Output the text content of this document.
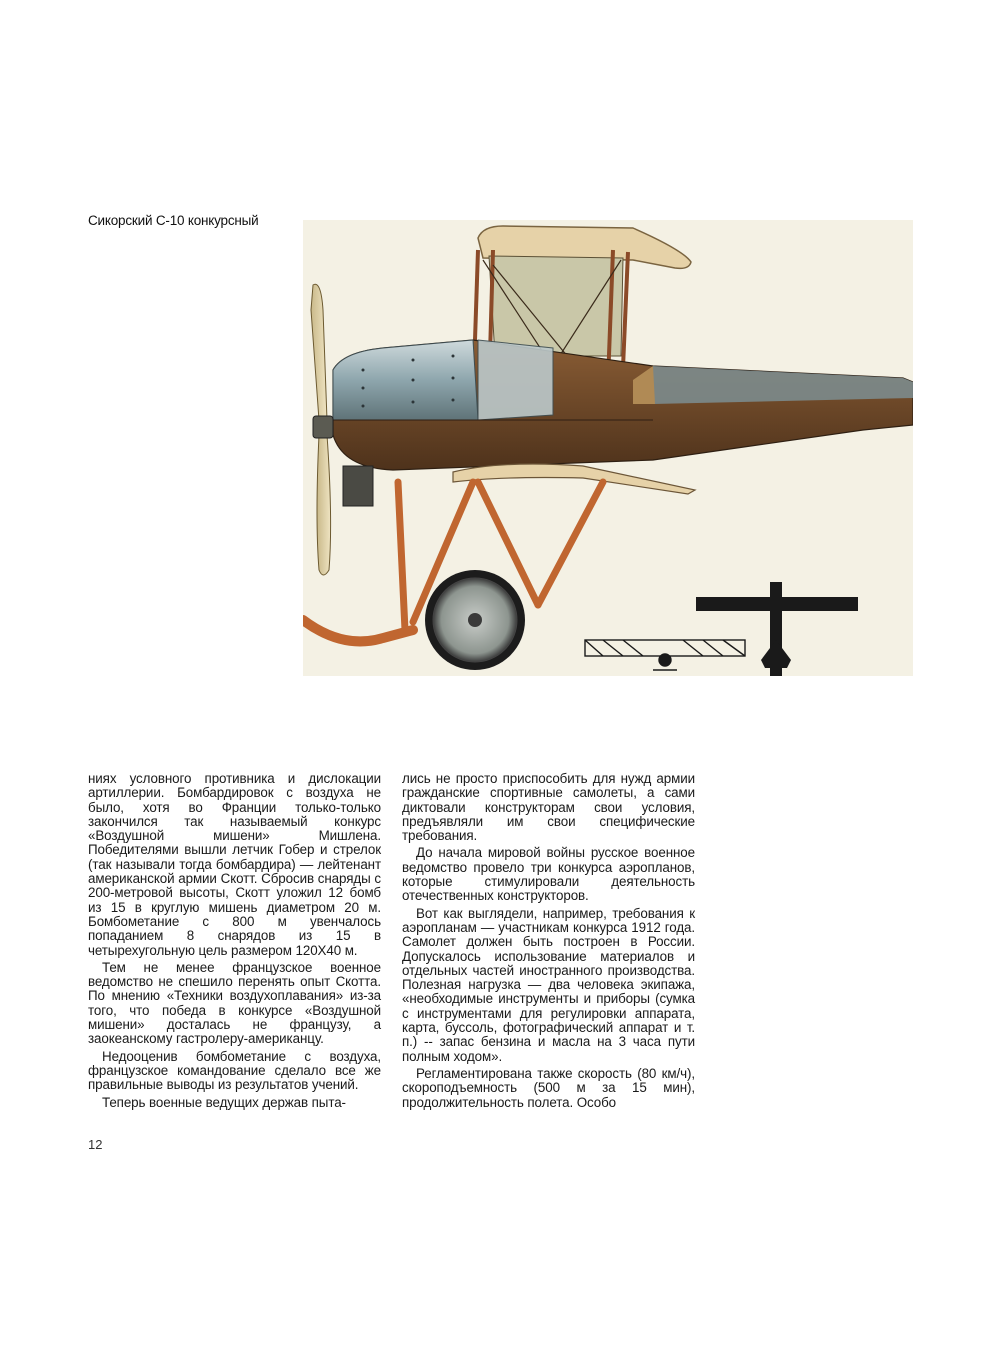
Сикорский С-10 конкурсный

ниях условного противника и дислокации артиллерии. Бомбардировок с воздуха не было, хотя во Франции только-только закончился так называемый конкурс «Воздушной мишени» Мишлена. Победителями вышли летчик Гобер и стрелок (так называли тогда бомбардира) — лейтенант американской армии Скотт. Сбросив снаряды с 200-метровой высоты, Скотт уложил 12 бомб из 15 в круглую мишень диаметром 20 м. Бомбометание с 800 м увенчалось попаданием 8 снарядов из 15 в четырехугольную цель размером 120Х40 м.

Тем не менее французское военное ведомство не спешило перенять опыт Скотта. По мнению «Техники воздухоплавания» из-за того, что победа в конкурсе «Воздушной мишени» досталась не французу, а заокеанскому гастролеру-американцу.

Недооценив бомбометание с воздуха, французское командование сделало все же правильные выводы из результатов учений.

Теперь военные ведущих держав пыта-

лись не просто приспособить для нужд армии гражданские спортивные самолеты, а сами диктовали конструкторам свои условия, предъявляли им свои специфические требования.

До начала мировой войны русское военное ведомство провело три конкурса аэропланов, которые стимулировали деятельность отечественных конструкторов.

Вот как выглядели, например, требования к аэропланам — участникам конкурса 1912 года. Самолет должен быть построен в России. Допускалось использование материалов и отдельных частей иностранного производства. Полезная нагрузка — два человека экипажа, «необходимые инструменты и приборы (сумка с инструментами для регулировки аппарата, карта, буссоль, фотографический аппарат и т. п.) -- запас бензина и масла на 3 часа пути полным ходом».

Регламентирована также скорость (80 км/ч), скороподъемность (500 м за 15 мин), продолжительность полета. Особо

12
